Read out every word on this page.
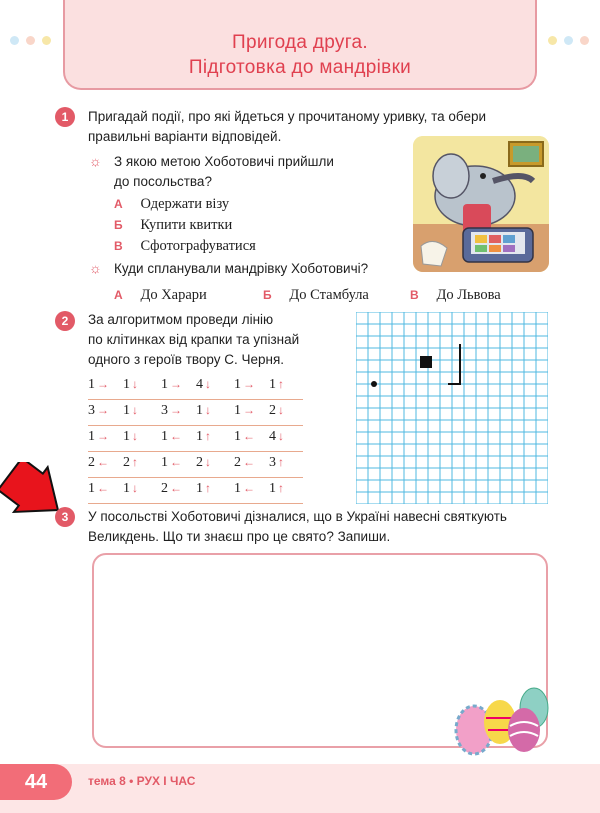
Пригода друга.
Підготовка до мандрівки
1	Пригадай події, про які йдеться у прочитаному уривку, та обери
правильні варіанти відповідей.
☼ З якою метою Хоботовичі прийшли
до посольства?
А Одержати візу
Б Купити квитки
В Сфотографуватися
☼ Куди спланували мандрівку Хоботовичі?
А До Харари	Б До Стамбула	В До Львова
2	За алгоритмом проведи лінію
по клітинках від крапки та упізнай
одного з героїв твору С. Черня.
1 → 1 ↓ 1 → 4 ↓ 1 → 1 ↑
3 → 1 ↓ 3 → 1 ↓ 1 → 2 ↓
1 → 1 ↓ 1 ← 1 ↑ 1 ← 4 ↓
2 ← 2 ↑ 1 ← 2 ↓ 2 ← 3 ↑
1 ← 1 ↓ 2 ← 1 ↑ 1 ← 1 ↑
3	У посольстві Хоботовичі дізналися, що в Україні навесні святкують
Великдень. Що ти знаєш про це свято? Запиши.
44	тема 8 • РУХ І ЧАС
